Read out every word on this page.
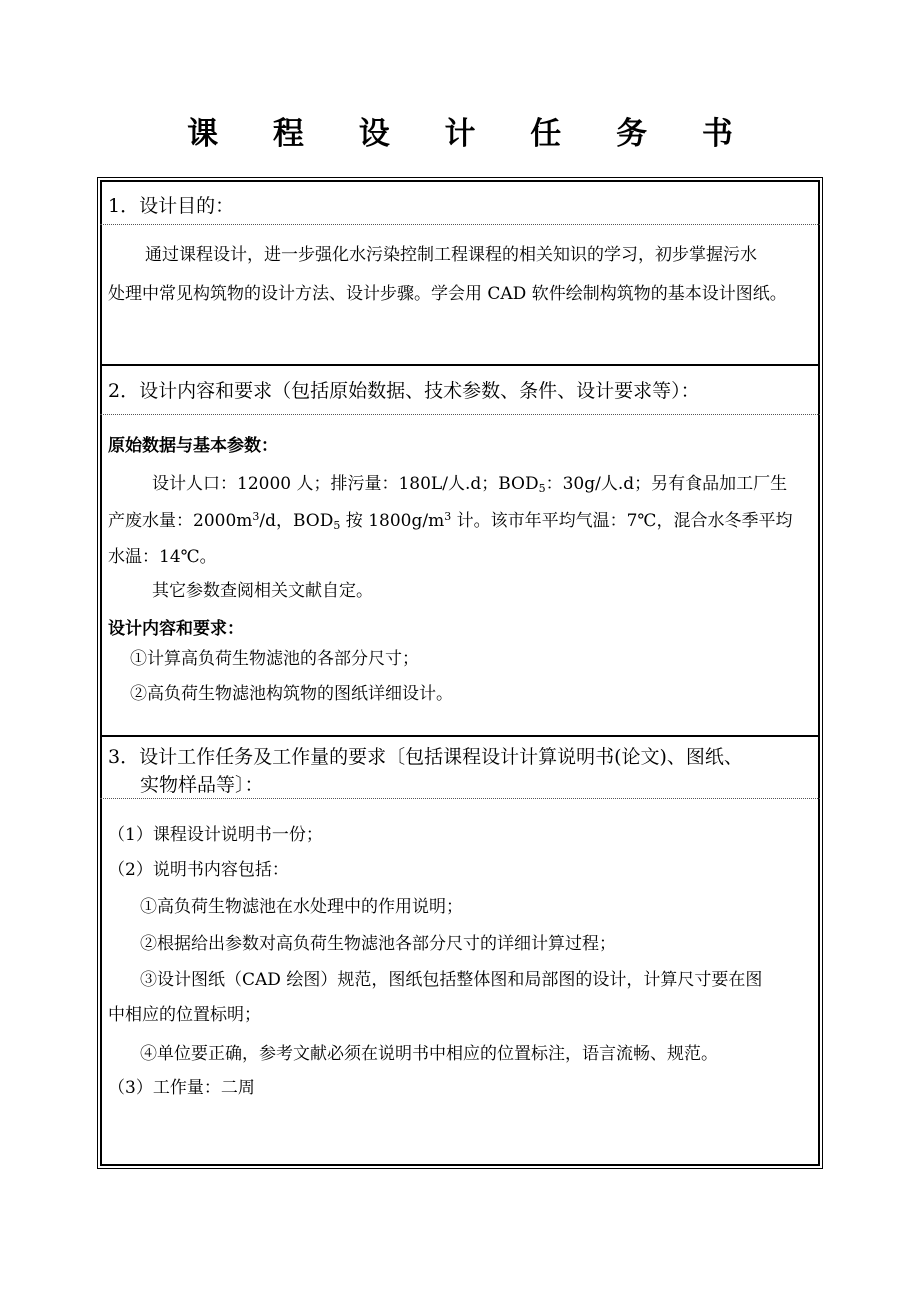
课 程 设 计 任 务 书
1．设计目的：
通过课程设计，进一步强化水污染控制工程课程的相关知识的学习，初步掌握污水
处理中常见构筑物的设计方法、设计步骤。学会用 CAD 软件绘制构筑物的基本设计图纸。
2．设计内容和要求（包括原始数据、技术参数、条件、设计要求等）：
原始数据与基本参数：
设计人口：12000 人；排污量：180L/人.d；$BOD_5$：30g/人.d；另有食品加工厂生
产废水量：$2000m^3/d$，$BOD_5$ 按 $1800g/m^3$ 计。该市年平均气温：7℃，混合水冬季平均
水温：14℃。
其它参数查阅相关文献自定。
设计内容和要求：
①计算高负荷生物滤池的各部分尺寸；
②高负荷生物滤池构筑物的图纸详细设计。
3．设计工作任务及工作量的要求〔包括课程设计计算说明书(论文)、图纸、
实物样品等〕：
（1）课程设计说明书一份；
（2）说明书内容包括：
①高负荷生物滤池在水处理中的作用说明；
②根据给出参数对高负荷生物滤池各部分尺寸的详细计算过程；
③设计图纸（CAD 绘图）规范，图纸包括整体图和局部图的设计，计算尺寸要在图
中相应的位置标明；
④单位要正确，参考文献必须在说明书中相应的位置标注，语言流畅、规范。
（3）工作量：二周
